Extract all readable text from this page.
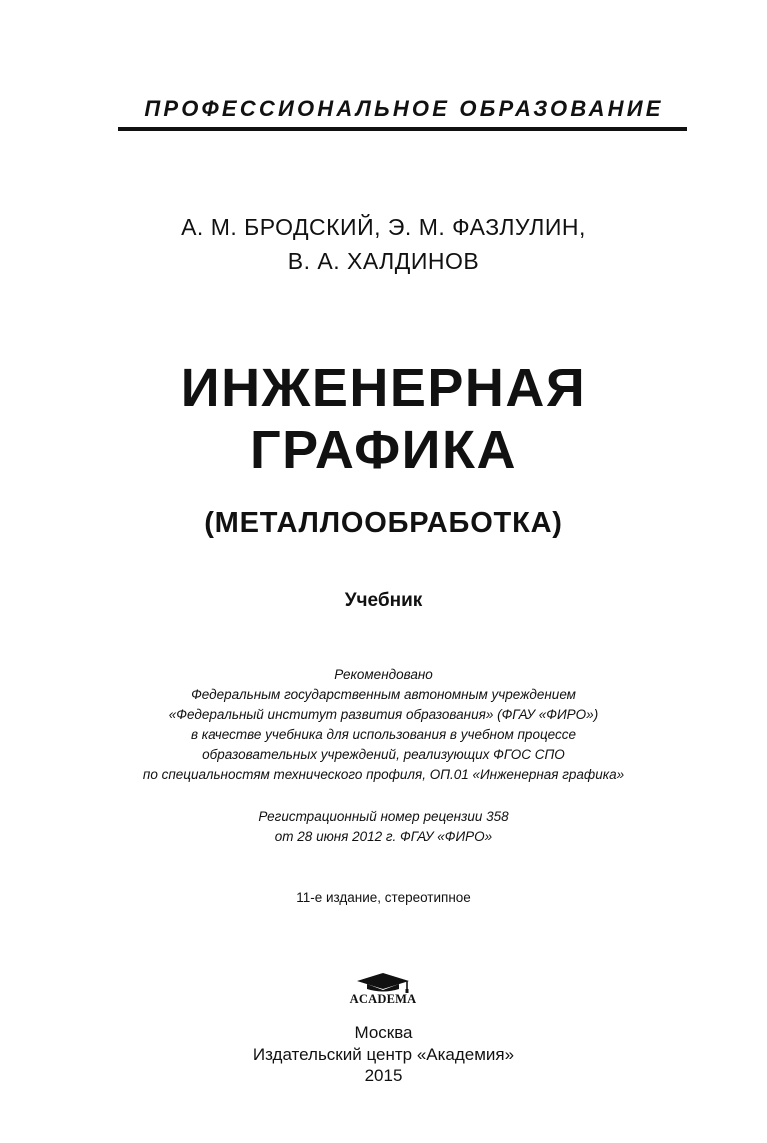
ПРОФЕССИОНАЛЬНОЕ ОБРАЗОВАНИЕ
А. М. БРОДСКИЙ, Э. М. ФАЗЛУЛИН,
В. А. ХАЛДИНОВ
ИНЖЕНЕРНАЯ
ГРАФИКА
(МЕТАЛЛООБРАБОТКА)
Учебник
Рекомендовано
Федеральным государственным автономным учреждением
«Федеральный институт развития образования» (ФГАУ «ФИРО»)
в качестве учебника для использования в учебном процессе
образовательных учреждений, реализующих ФГОС СПО
по специальностям технического профиля, ОП.01 «Инженерная графика»
Регистрационный номер рецензии 358
от 28 июня 2012 г. ФГАУ «ФИРО»
11-е издание, стереотипное
ACADEMA
Москва
Издательский центр «Академия»
2015
